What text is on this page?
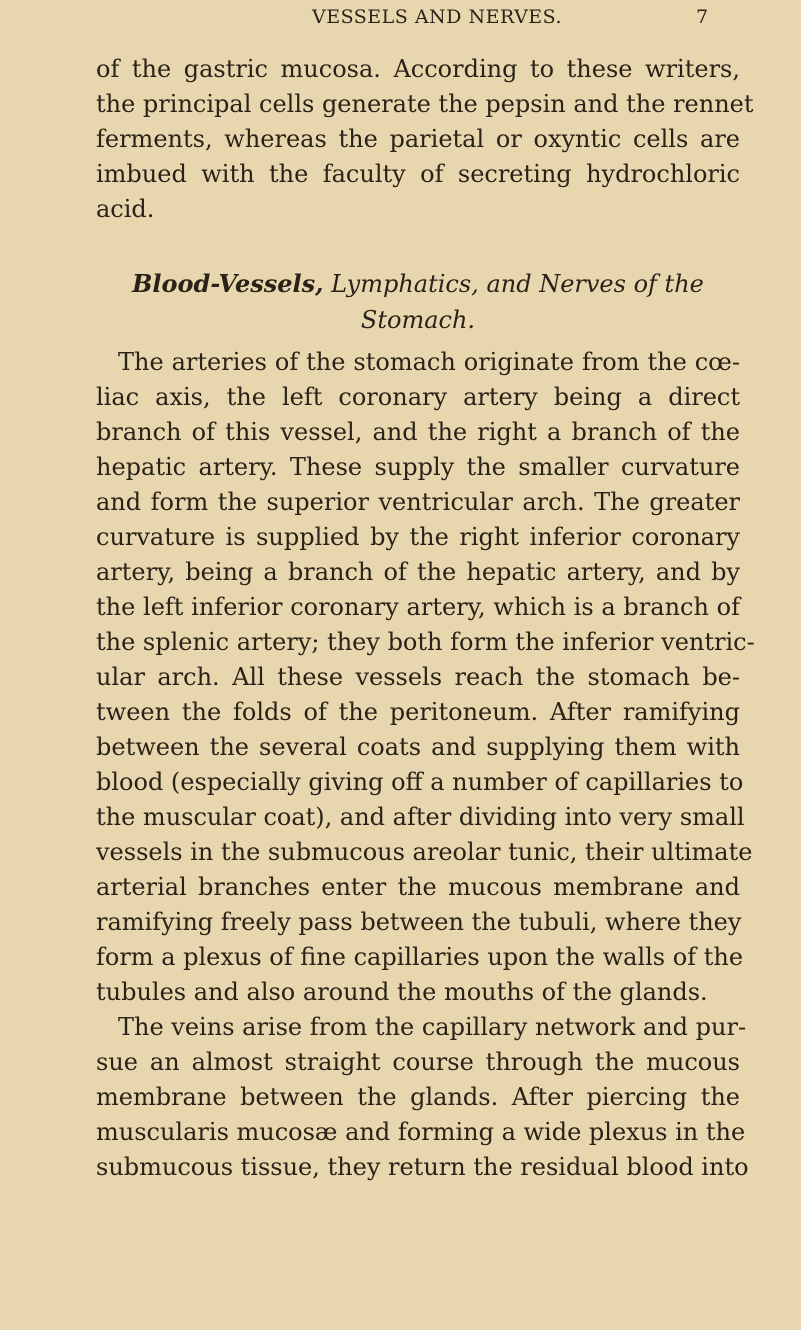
VESSELS AND NERVES.	7
of the gastric mucosa. According to these writers,
the principal cells generate the pepsin and the rennet
ferments, whereas the parietal or oxyntic cells are
imbued with the faculty of secreting hydrochloric
acid.
Blood-Vessels, Lymphatics, and Nerves of the
Stomach.
The arteries of the stomach originate from the cœ-
liac axis, the left coronary artery being a direct
branch of this vessel, and the right a branch of the
hepatic artery. These supply the smaller curvature
and form the superior ventricular arch. The greater
curvature is supplied by the right inferior coronary
artery, being a branch of the hepatic artery, and by
the left inferior coronary artery, which is a branch of
the splenic artery; they both form the inferior ventric-
ular arch. All these vessels reach the stomach be-
tween the folds of the peritoneum. After ramifying
between the several coats and supplying them with
blood (especially giving off a number of capillaries to
the muscular coat), and after dividing into very small
vessels in the submucous areolar tunic, their ultimate
arterial branches enter the mucous membrane and
ramifying freely pass between the tubuli, where they
form a plexus of fine capillaries upon the walls of the
tubules and also around the mouths of the glands.
The veins arise from the capillary network and pur-
sue an almost straight course through the mucous
membrane between the glands. After piercing the
muscularis mucosæ and forming a wide plexus in the
submucous tissue, they return the residual blood into
